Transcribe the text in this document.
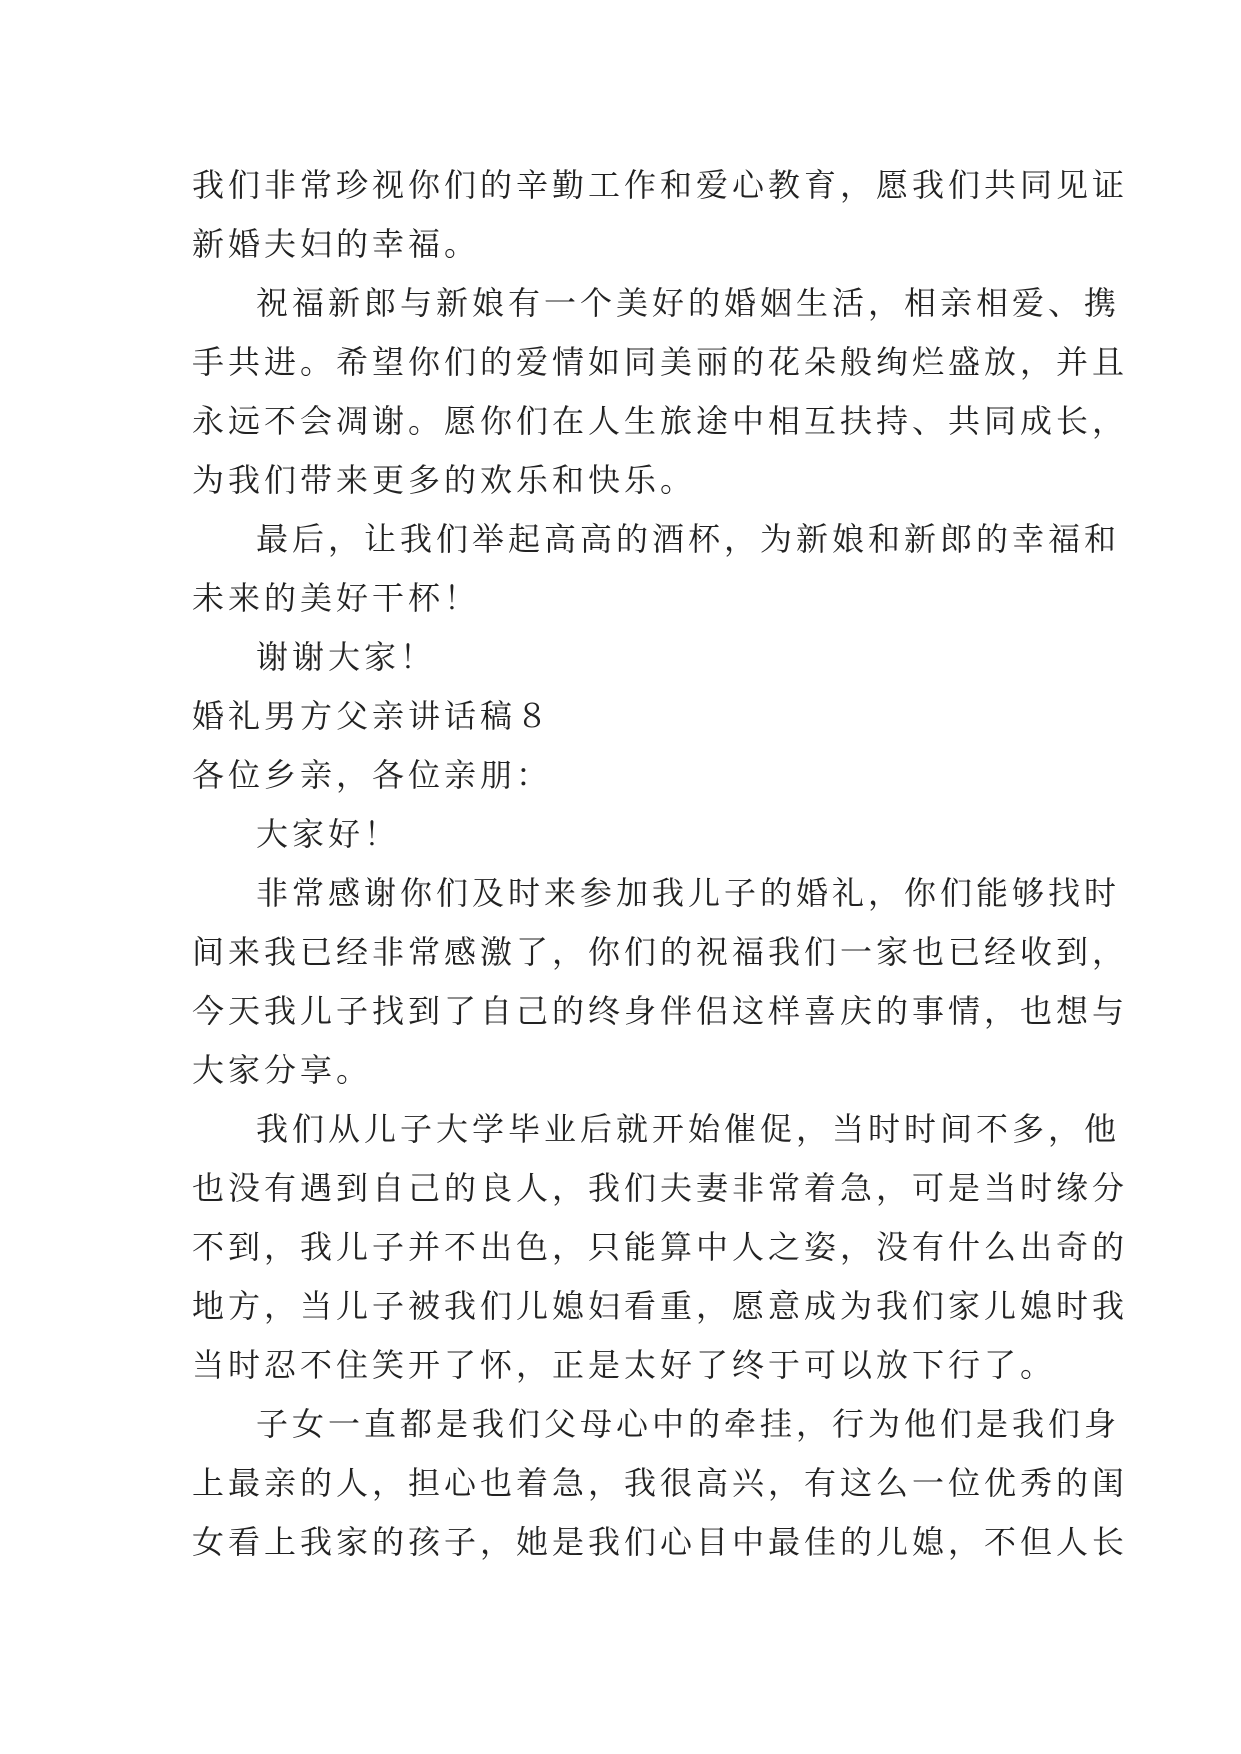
我们非常珍视你们的辛勤工作和爱心教育，愿我们共同见证
新婚夫妇的幸福。
祝福新郎与新娘有一个美好的婚姻生活，相亲相爱、携
手共进。希望你们的爱情如同美丽的花朵般绚烂盛放，并且
永远不会凋谢。愿你们在人生旅途中相互扶持、共同成长，
为我们带来更多的欢乐和快乐。
最后，让我们举起高高的酒杯，为新娘和新郎的幸福和
未来的美好干杯！
谢谢大家！
婚礼男方父亲讲话稿８
各位乡亲，各位亲朋：
大家好！
非常感谢你们及时来参加我儿子的婚礼，你们能够找时
间来我已经非常感激了，你们的祝福我们一家也已经收到，
今天我儿子找到了自己的终身伴侣这样喜庆的事情，也想与
大家分享。
我们从儿子大学毕业后就开始催促，当时时间不多，他
也没有遇到自己的良人，我们夫妻非常着急，可是当时缘分
不到，我儿子并不出色，只能算中人之姿，没有什么出奇的
地方，当儿子被我们儿媳妇看重，愿意成为我们家儿媳时我
当时忍不住笑开了怀，正是太好了终于可以放下行了。
子女一直都是我们父母心中的牵挂，行为他们是我们身
上最亲的人，担心也着急，我很高兴，有这么一位优秀的闺
女看上我家的孩子，她是我们心目中最佳的儿媳，不但人长
